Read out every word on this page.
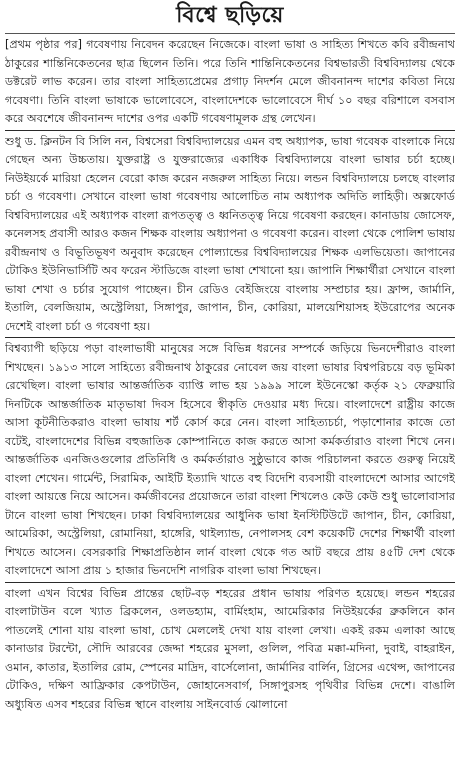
বিশ্বে ছড়িয়ে

[প্রথম পৃষ্ঠার পর] গবেষণায় নিবেদন করেছেন নিজেকে। বাংলা ভাষা ও সাহিত্য শিখতে কবি রবীন্দ্রনাথ ঠাকুরের শান্তিনিকেতনের ছাত্র ছিলেন তিনি। পরে তিনি শান্তিনিকেতনের বিশ্বভারতী বিশ্ববিদ্যালয় থেকে ডক্টরেট লাভ করেন। তার বাংলা সাহিত্যপ্রেমের প্রগাঢ় নিদর্শন মেলে জীবনানন্দ দাশের কবিতা নিয়ে গবেষণা। তিনি বাংলা ভাষাকে ভালোবেসে, বাংলাদেশকে ভালোবেসে দীর্ঘ ১০ বছর বরিশালে বসবাস করে অবশেষে জীবনানন্দ দাশের ওপর একটি গবেষণামূলক গ্রন্থ লেখেন।

শুধু ড. ক্লিনটন বি সিলি নন, বিশ্বসেরা বিশ্ববিদ্যালয়ের এমন বহু অধ্যাপক, ভাষা গবেষক বাংলাকে নিয়ে গেছেন অন্য উচ্চতায়। যুক্তরাষ্ট্র ও যুক্তরাজ্যের একাধিক বিশ্ববিদ্যালয়ে বাংলা ভাষার চর্চা হচ্ছে। নিউইয়র্কে মারিয়া হেলেন বেরো কাজ করেন নজরুল সাহিত্য নিয়ে। লন্ডন বিশ্ববিদ্যালয়ে চলছে বাংলার চর্চা ও গবেষণা। সেখানে বাংলা ভাষা গবেষণায় আলোচিত নাম অধ্যাপক অদিতি লাহিড়ী। অক্সফোর্ড বিশ্ববিদ্যালয়ের এই অধ্যাপক বাংলা রূপতত্ত্ব ও ধ্বনিতত্ত্ব নিয়ে গবেষণা করছেন। কানাডায় জোসেফ, কনেলসহ প্রবাসী আরও কজন শিক্ষক বাংলায় অধ্যাপনা ও গবেষণা করেন। বাংলা থেকে পোলিশ ভাষায় রবীন্দ্রনাথ ও বিভূতিভূষণ অনুবাদ করেছেন পোল্যান্ডের বিশ্ববিদ্যালয়ের শিক্ষক এলভিয়েতা। জাপানের টোকিও ইউনিভার্সিটি অব ফরেন স্টাডিজে বাংলা ভাষা শেখানো হয়। জাপানি শিক্ষার্থীরা সেখানে বাংলা ভাষা শেখা ও চর্চার সুযোগ পাচ্ছেন। চীন রেডিও বেইজিংয়ে বাংলায় সম্প্রচার হয়। ফ্রান্স, জার্মানি, ইতালি, বেলজিয়াম, অস্ট্রেলিয়া, সিঙ্গাপুর, জাপান, চীন, কোরিয়া, মালয়েশিয়াসহ ইউরোপের অনেক দেশেই বাংলা চর্চা ও গবেষণা হয়।

বিশ্বব্যাপী ছড়িয়ে পড়া বাংলাভাষী মানুষের সঙ্গে বিভিন্ন ধরনের সম্পর্কে জড়িয়ে ভিনদেশীরাও বাংলা শিখছেন। ১৯১৩ সালে সাহিত্যে রবীন্দ্রনাথ ঠাকুরের নোবেল জয় বাংলা ভাষার বিশ্বপরিচয়ে বড় ভূমিকা রেখেছিল। বাংলা ভাষার আন্তর্জাতিক ব্যাপ্তি লাভ হয় ১৯৯৯ সালে ইউনেস্কো কর্তৃক ২১ ফেব্রুয়ারি দিনটিকে আন্তর্জাতিক মাতৃভাষা দিবস হিসেবে স্বীকৃতি দেওয়ার মধ্য দিয়ে। বাংলাদেশে রাষ্ট্রীয় কাজে আসা কূটনীতিকরাও বাংলা ভাষায় শর্ট কোর্স করে নেন। বাংলা সাহিত্যচর্চা, পড়াশোনার কাজে তো বটেই, বাংলাদেশের বিভিন্ন বহুজাতিক কোম্পানিতে কাজ করতে আসা কর্মকর্তারাও বাংলা শিখে নেন। আন্তর্জাতিক এনজিওগুলোর প্রতিনিধি ও কর্মকর্তারাও সুষ্ঠুভাবে কাজ পরিচালনা করতে গুরুত্ব নিয়েই বাংলা শেখেন। গার্মেন্ট, সিরামিক, আইটি ইত্যাদি খাতে বহু বিদেশি ব্যবসায়ী বাংলাদেশে আসার আগেই বাংলা আয়ত্তে নিয়ে আসেন। কর্মজীবনের প্রয়োজনে তারা বাংলা শিখলেও কেউ কেউ শুধু ভালোবাসার টানে বাংলা ভাষা শিখছেন। ঢাকা বিশ্ববিদ্যালয়ের আধুনিক ভাষা ইনস্টিটিউটে জাপান, চীন, কোরিয়া, আমেরিকা, অস্ট্রেলিয়া, রোমানিয়া, হাঙ্গেরি, থাইল্যান্ড, নেপালসহ বেশ কয়েকটি দেশের শিক্ষার্থী বাংলা শিখতে আসেন। বেসরকারি শিক্ষাপ্রতিষ্ঠান লার্ন বাংলা থেকে গত আট বছরে প্রায় ৪৫টি দেশ থেকে বাংলাদেশে আসা প্রায় ১ হাজার ভিনদেশি নাগরিক বাংলা ভাষা শিখছেন।

বাংলা এখন বিশ্বের বিভিন্ন প্রান্তের ছোট-বড় শহরের প্রধান ভাষায় পরিণত হয়েছে। লন্ডন শহরের বাংলাটাউন বলে খ্যাত ব্রিকলেন, ওলডহ্যাম, বার্মিংহাম, আমেরিকার নিউইয়র্কের ব্রুকলিনে কান পাতলেই শোনা যায় বাংলা ভাষা, চোখ মেললেই দেখা যায় বাংলা লেখা। একই রকম এলাকা আছে কানাডার টরন্টো, সৌদি আরবের জেদ্দা শহরের মুসলা, গুলিল, পবিত্র মক্কা-মদিনা, দুবাই, বাহরাইন, ওমান, কাতার, ইতালির রোম, স্পেনের মাদ্রিদ, বার্সেলোনা, জার্মানির বার্লিন, গ্রিসের এথেন্স, জাপানের টোকিও, দক্ষিণ আফ্রিকার কেপটাউন, জোহানেসবার্গ, সিঙ্গাপুরসহ পৃথিবীর বিভিন্ন দেশে। বাঙালি অধ্যুষিত এসব শহরের বিভিন্ন স্থানে বাংলায় সাইনবোর্ড ঝোলানো
